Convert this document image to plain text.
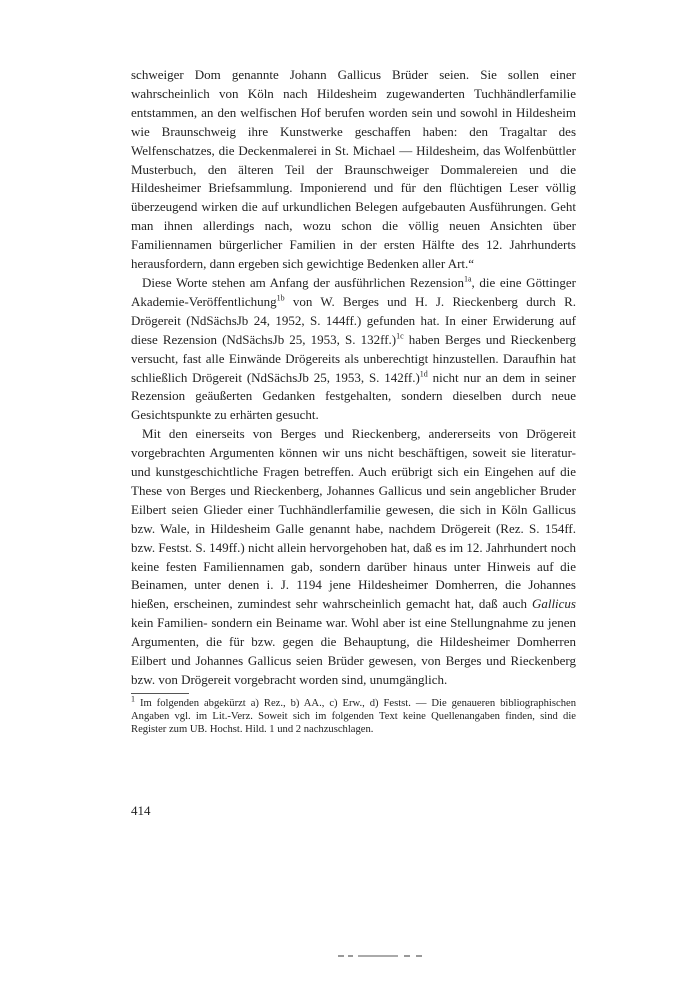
schweiger Dom genannte Johann Gallicus Brüder seien. Sie sollen einer wahrscheinlich von Köln nach Hildesheim zugewanderten Tuchhändlerfamilie entstammen, an den welfischen Hof berufen worden sein und sowohl in Hildesheim wie Braunschweig ihre Kunstwerke geschaffen haben: den Tragaltar des Welfenschatzes, die Deckenmalerei in St. Michael — Hildesheim, das Wolfenbüttler Musterbuch, den älteren Teil der Braunschweiger Dommalereien und die Hildesheimer Briefsammlung. Imponierend und für den flüchtigen Leser völlig überzeugend wirken die auf urkundlichen Belegen aufgebauten Ausführungen. Geht man ihnen allerdings nach, wozu schon die völlig neuen Ansichten über Familiennamen bürgerlicher Familien in der ersten Hälfte des 12. Jahrhunderts herausfordern, dann ergeben sich gewichtige Bedenken aller Art.“

Diese Worte stehen am Anfang der ausführlichen Rezension$^{1a}$, die eine Göttinger Akademie-Veröffentlichung$^{1b}$ von W. Berges und H. J. Rieckenberg durch R. Drögereit (NdSächsJb 24, 1952, S. 144ff.) gefunden hat. In einer Erwiderung auf diese Rezension (NdSächsJb 25, 1953, S. 132ff.)$^{1c}$ haben Berges und Rieckenberg versucht, fast alle Einwände Drögereits als unberechtigt hinzustellen. Daraufhin hat schließlich Drögereit (NdSächsJb 25, 1953, S. 142ff.)$^{1d}$ nicht nur an dem in seiner Rezension geäußerten Gedanken festgehalten, sondern dieselben durch neue Gesichtspunkte zu erhärten gesucht.

Mit den einerseits von Berges und Rieckenberg, andererseits von Drögereit vorgebrachten Argumenten können wir uns nicht beschäftigen, soweit sie literatur- und kunstgeschichtliche Fragen betreffen. Auch erübrigt sich ein Eingehen auf die These von Berges und Rieckenberg, Johannes Gallicus und sein angeblicher Bruder Eilbert seien Glieder einer Tuchhändlerfamilie gewesen, die sich in Köln Gallicus bzw. Wale, in Hildesheim Galle genannt habe, nachdem Drögereit (Rez. S. 154ff. bzw. Festst. S. 149ff.) nicht allein hervorgehoben hat, daß es im 12. Jahrhundert noch keine festen Familiennamen gab, sondern darüber hinaus unter Hinweis auf die Beinamen, unter denen i. J. 1194 jene Hildesheimer Domherren, die Johannes hießen, erscheinen, zumindest sehr wahrscheinlich gemacht hat, daß auch Gallicus kein Familien- sondern ein Beiname war. Wohl aber ist eine Stellungnahme zu jenen Argumenten, die für bzw. gegen die Behauptung, die Hildesheimer Domherren Eilbert und Johannes Gallicus seien Brüder gewesen, von Berges und Rieckenberg bzw. von Drögereit vorgebracht worden sind, unumgänglich.

$^1$ Im folgenden abgekürzt a) Rez., b) AA., c) Erw., d) Festst. — Die genaueren bibliographischen Angaben vgl. im Lit.-Verz. Soweit sich im folgenden Text keine Quellenangaben finden, sind die Register zum UB. Hochst. Hild. 1 und 2 nachzuschlagen.

414
